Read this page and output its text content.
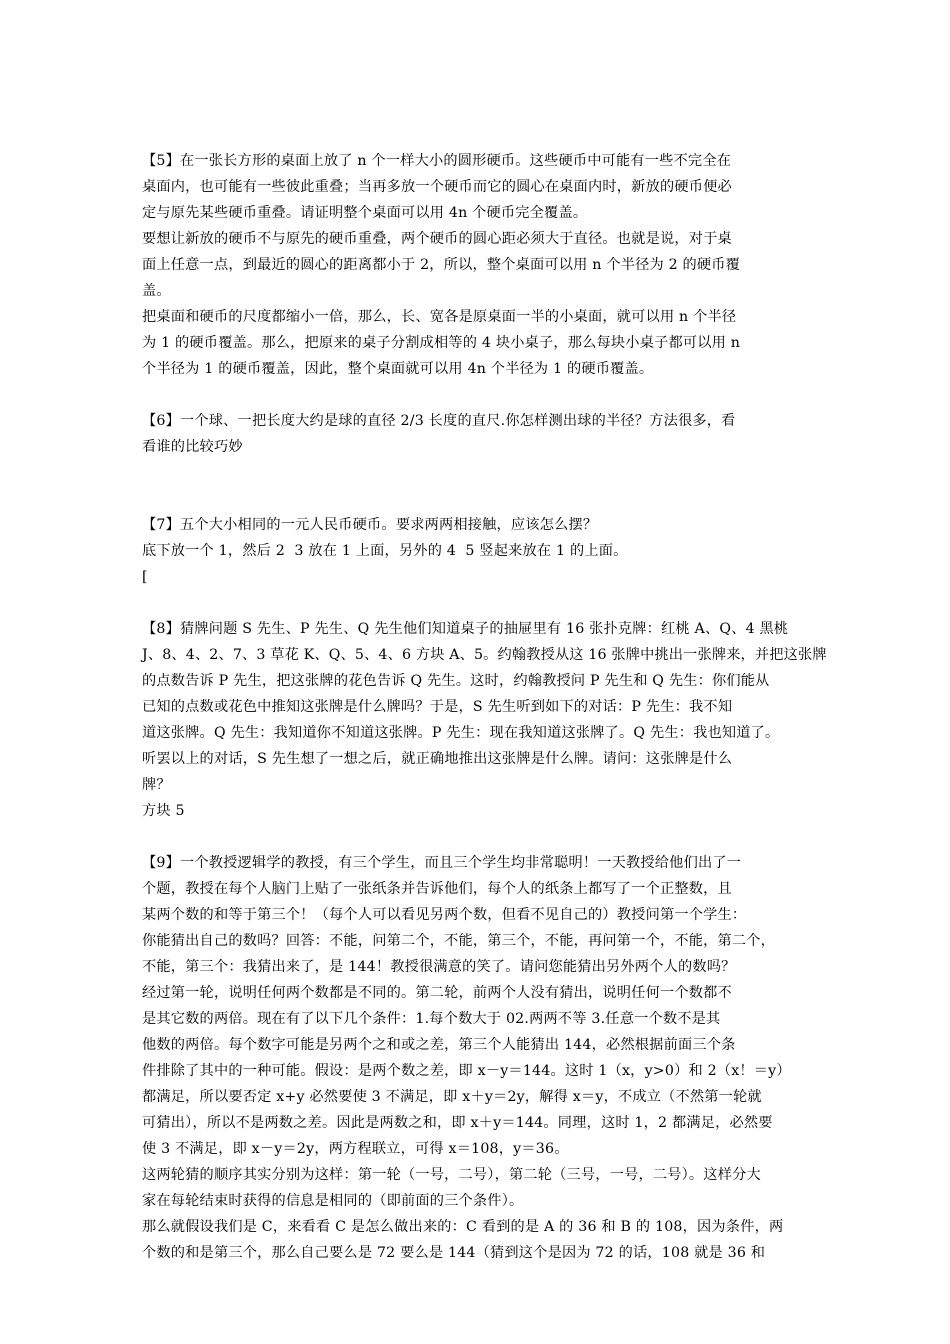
【5】在一张长方形的桌面上放了 n 个一样大小的圆形硬币。这些硬币中可能有一些不完全在
桌面内，也可能有一些彼此重叠；当再多放一个硬币而它的圆心在桌面内时，新放的硬币便必
定与原先某些硬币重叠。请证明整个桌面可以用 4n 个硬币完全覆盖。
要想让新放的硬币不与原先的硬币重叠，两个硬币的圆心距必须大于直径。也就是说，对于桌
面上任意一点，到最近的圆心的距离都小于 2，所以，整个桌面可以用 n 个半径为 2 的硬币覆
盖。
把桌面和硬币的尺度都缩小一倍，那么，长、宽各是原桌面一半的小桌面，就可以用 n 个半径
为 1 的硬币覆盖。那么，把原来的桌子分割成相等的 4 块小桌子，那么每块小桌子都可以用 n
个半径为 1 的硬币覆盖，因此，整个桌面就可以用 4n 个半径为 1 的硬币覆盖。
【6】一个球、一把长度大约是球的直径 2/3 长度的直尺.你怎样测出球的半径？方法很多，看
看谁的比较巧妙
【7】五个大小相同的一元人民币硬币。要求两两相接触，应该怎么摆？
底下放一个 1，然后 2  3 放在 1 上面，另外的 4  5 竖起来放在 1 的上面。
[
【8】猜牌问题 S 先生、P 先生、Q 先生他们知道桌子的抽屉里有 16 张扑克牌：红桃 A、Q、4 黑桃
J、8、4、2、7、3 草花 K、Q、5、4、6 方块 A、5。约翰教授从这 16 张牌中挑出一张牌来，并把这张牌
的点数告诉 P 先生，把这张牌的花色告诉 Q 先生。这时，约翰教授问 P 先生和 Q 先生：你们能从
已知的点数或花色中推知这张牌是什么牌吗？于是，S 先生听到如下的对话：P 先生：我不知
道这张牌。Q 先生：我知道你不知道这张牌。P 先生：现在我知道这张牌了。Q 先生：我也知道了。
听罢以上的对话，S 先生想了一想之后，就正确地推出这张牌是什么牌。请问：这张牌是什么
牌？
方块 5
【9】一个教授逻辑学的教授，有三个学生，而且三个学生均非常聪明！一天教授给他们出了一
个题，教授在每个人脑门上贴了一张纸条并告诉他们，每个人的纸条上都写了一个正整数，且
某两个数的和等于第三个！（每个人可以看见另两个数，但看不见自己的）教授问第一个学生：
你能猜出自己的数吗？回答：不能，问第二个，不能，第三个，不能，再问第一个，不能，第二个，
不能，第三个：我猜出来了，是 144！教授很满意的笑了。请问您能猜出另外两个人的数吗？
经过第一轮，说明任何两个数都是不同的。第二轮，前两个人没有猜出，说明任何一个数都不
是其它数的两倍。现在有了以下几个条件：1.每个数大于 02.两两不等 3.任意一个数不是其
他数的两倍。每个数字可能是另两个之和或之差，第三个人能猜出 144，必然根据前面三个条
件排除了其中的一种可能。假设：是两个数之差，即 x－y＝144。这时 1（x，y>0）和 2（x！＝y）
都满足，所以要否定 x+y 必然要使 3 不满足，即 x＋y＝2y，解得 x＝y，不成立（不然第一轮就
可猜出），所以不是两数之差。因此是两数之和，即 x＋y＝144。同理，这时 1，2 都满足，必然要
使 3 不满足，即 x－y＝2y，两方程联立，可得 x＝108，y＝36。
这两轮猜的顺序其实分别为这样：第一轮（一号，二号），第二轮（三号，一号，二号）。这样分大
家在每轮结束时获得的信息是相同的（即前面的三个条件）。
那么就假设我们是 C，来看看 C 是怎么做出来的：C 看到的是 A 的 36 和 B 的 108，因为条件，两
个数的和是第三个，那么自己要么是 72 要么是 144（猜到这个是因为 72 的话，108 就是 36 和
